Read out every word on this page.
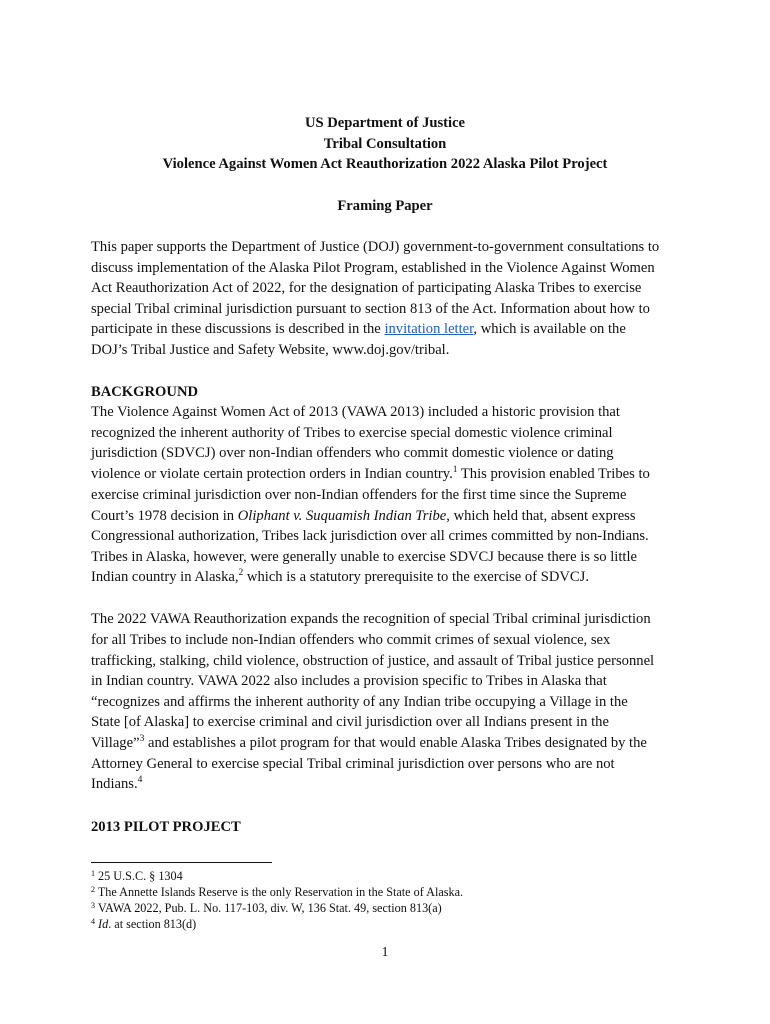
US Department of Justice
Tribal Consultation
Violence Against Women Act Reauthorization 2022 Alaska Pilot Project
Framing Paper
This paper supports the Department of Justice (DOJ) government-to-government consultations to
discuss implementation of the Alaska Pilot Program, established in the Violence Against Women
Act Reauthorization Act of 2022, for the designation of participating Alaska Tribes to exercise
special Tribal criminal jurisdiction pursuant to section 813 of the Act. Information about how to
participate in these discussions is described in the invitation letter, which is available on the
DOJ’s Tribal Justice and Safety Website, www.doj.gov/tribal.
BACKGROUND
The Violence Against Women Act of 2013 (VAWA 2013) included a historic provision that
recognized the inherent authority of Tribes to exercise special domestic violence criminal
jurisdiction (SDVCJ) over non-Indian offenders who commit domestic violence or dating
violence or violate certain protection orders in Indian country.$^1$ This provision enabled Tribes to
exercise criminal jurisdiction over non-Indian offenders for the first time since the Supreme
Court’s 1978 decision in Oliphant v. Suquamish Indian Tribe, which held that, absent express
Congressional authorization, Tribes lack jurisdiction over all crimes committed by non-Indians.
Tribes in Alaska, however, were generally unable to exercise SDVCJ because there is so little
Indian country in Alaska,$^2$ which is a statutory prerequisite to the exercise of SDVCJ.
The 2022 VAWA Reauthorization expands the recognition of special Tribal criminal jurisdiction
for all Tribes to include non-Indian offenders who commit crimes of sexual violence, sex
trafficking, stalking, child violence, obstruction of justice, and assault of Tribal justice personnel
in Indian country. VAWA 2022 also includes a provision specific to Tribes in Alaska that
“recognizes and affirms the inherent authority of any Indian tribe occupying a Village in the
State [of Alaska] to exercise criminal and civil jurisdiction over all Indians present in the
Village”$^3$ and establishes a pilot program for that would enable Alaska Tribes designated by the
Attorney General to exercise special Tribal criminal jurisdiction over persons who are not
Indians.$^4$
2013 PILOT PROJECT
$^1$ 25 U.S.C. § 1304
$^2$ The Annette Islands Reserve is the only Reservation in the State of Alaska.
$^3$ VAWA 2022, Pub. L. No. 117-103, div. W, 136 Stat. 49, section 813(a)
$^4$ Id. at section 813(d)
1
